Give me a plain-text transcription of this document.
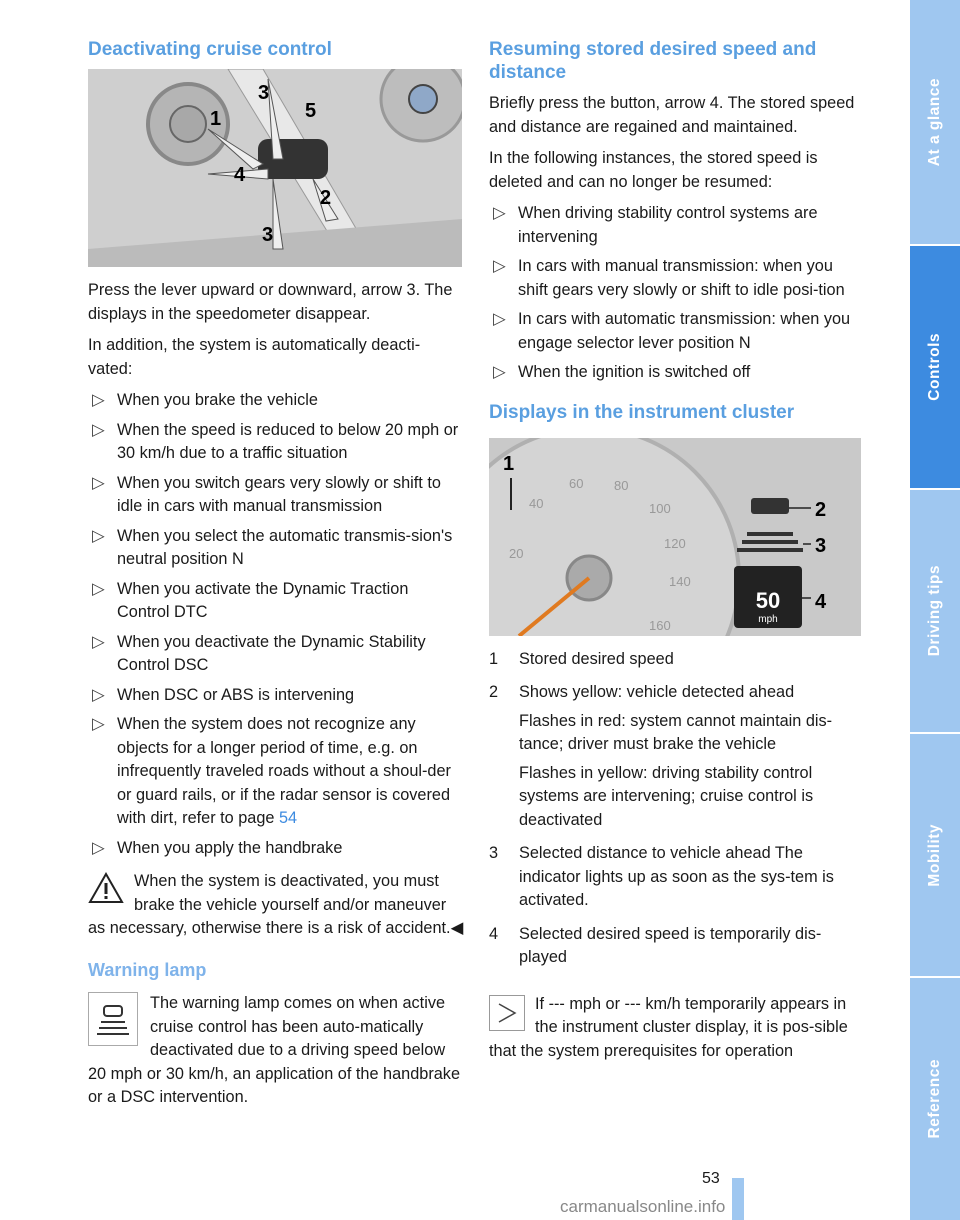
Deactivating cruise control
1
3
5
4
2
3

Press the lever upward or downward, arrow 3. The displays in the speedometer disappear.

In addition, the system is automatically deacti-vated:

▷ When you brake the vehicle
▷ When the speed is reduced to below 20 mph or 30 km/h due to a traffic situation
▷ When you switch gears very slowly or shift to idle in cars with manual transmission
▷ When you select the automatic transmis-sion's neutral position N
▷ When you activate the Dynamic Traction Control DTC
▷ When you deactivate the Dynamic Stability Control DSC
▷ When DSC or ABS is intervening
▷ When the system does not recognize any objects for a longer period of time, e.g. on infrequently traveled roads without a shoul-der or guard rails, or if the radar sensor is covered with dirt, refer to page 54
▷ When you apply the handbrake
When the system is deactivated, you must brake the vehicle yourself and/or maneuver as necessary, otherwise there is a risk of accident.◀
Warning lamp
The warning lamp comes on when active cruise control has been auto-matically deactivated due to a driving speed below 20 mph or 30 km/h, an application of the handbrake or a DSC intervention.
Resuming stored desired speed and distance

Briefly press the button, arrow 4. The stored speed and distance are regained and maintained.

In the following instances, the stored speed is deleted and can no longer be resumed:

▷ When driving stability control systems are intervening
▷ In cars with manual transmission: when you shift gears very slowly or shift to idle posi-tion
▷ In cars with automatic transmission: when you engage selector lever position N
▷ When the ignition is switched off
Displays in the instrument cluster
40
60 80
100
120
140
160
20
1
2
3
50
mph
4
1	Stored desired speed

2	Shows yellow: vehicle detected ahead

Flashes in red: system cannot maintain dis-tance; driver must brake the vehicle

Flashes in yellow: driving stability control systems are intervening; cruise control is deactivated

3	Selected distance to vehicle ahead The indicator lights up as soon as the sys-tem is activated.

4	Selected desired speed is temporarily dis-played

If --- mph or --- km/h temporarily appears in the instrument cluster display, it is pos-sible that the system prerequisites for operation
At a glance
Controls
Driving tips
Mobility
Reference
53
carmanualsonline.info
